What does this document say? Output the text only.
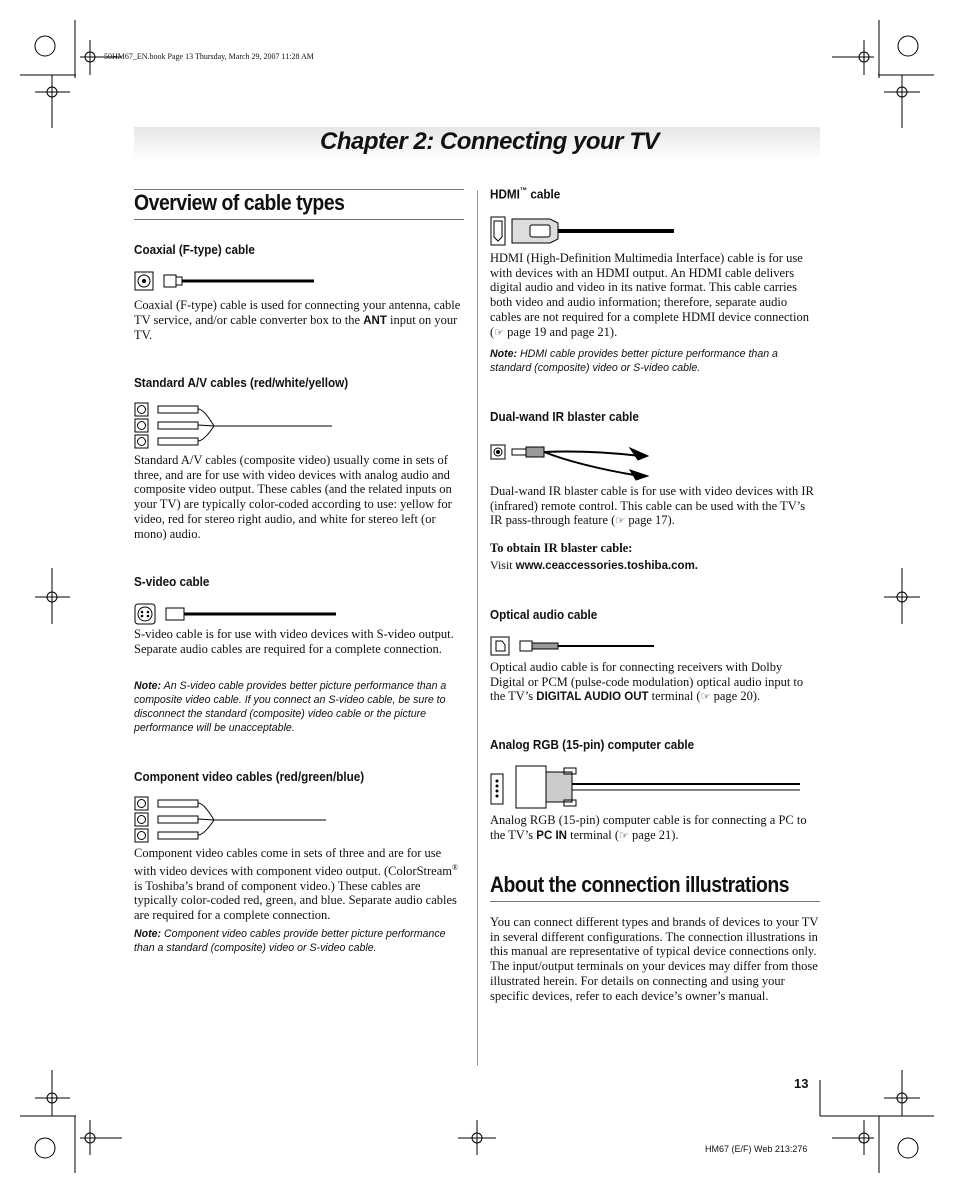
50HM67_EN.book Page 13 Thursday, March 29, 2007 11:28 AM
Chapter 2: Connecting your TV
Overview of cable types
Coaxial (F-type) cable
Coaxial (F-type) cable is used for connecting your antenna, cable TV service, and/or cable converter box to the ANT input on your TV.
Standard A/V cables (red/white/yellow)
Standard A/V cables (composite video) usually come in sets of three, and are for use with video devices with analog audio and composite video output. These cables (and the related inputs on your TV) are typically color-coded according to use: yellow for video, red for stereo right audio, and white for stereo left (or mono) audio.
S-video cable
S-video cable is for use with video devices with S-video output. Separate audio cables are required for a complete connection.
Note: An S-video cable provides better picture performance than a composite video cable. If you connect an S-video cable, be sure to disconnect the standard (composite) video cable or the picture performance will be unacceptable.
Component video cables (red/green/blue)
Component video cables come in sets of three and are for use with video devices with component video output. (ColorStream® is Toshiba’s brand of component video.) These cables are typically color-coded red, green, and blue. Separate audio cables are required for a complete connection.
Note: Component video cables provide better picture performance than a standard (composite) video or S-video cable.
HDMI™ cable
HDMI (High-Definition Multimedia Interface) cable is for use with devices with an HDMI output. An HDMI cable delivers digital audio and video in its native format. This cable carries both video and audio information; therefore, separate audio cables are not required for a complete HDMI device connection (☞ page 19 and page 21).
Note: HDMI cable provides better picture performance than a standard (composite) video or S-video cable.
Dual-wand IR blaster cable
Dual-wand IR blaster cable is for use with video devices with IR (infrared) remote control. This cable can be used with the TV’s IR pass-through feature (☞ page 17).
To obtain IR blaster cable:
Visit www.ceaccessories.toshiba.com.
Optical audio cable
Optical audio cable is for connecting receivers with Dolby Digital or PCM (pulse-code modulation) optical audio input to the TV’s DIGITAL AUDIO OUT terminal (☞ page 20).
Analog RGB (15-pin) computer cable
Analog RGB (15-pin) computer cable is for connecting a PC to the TV’s PC IN terminal (☞ page 21).
About the connection illustrations
You can connect different types and brands of devices to your TV in several different configurations. The connection illustrations in this manual are representative of typical device connections only. The input/output terminals on your devices may differ from those illustrated herein. For details on connecting and using your specific devices, refer to each device’s owner’s manual.
13
HM67 (E/F) Web 213:276
